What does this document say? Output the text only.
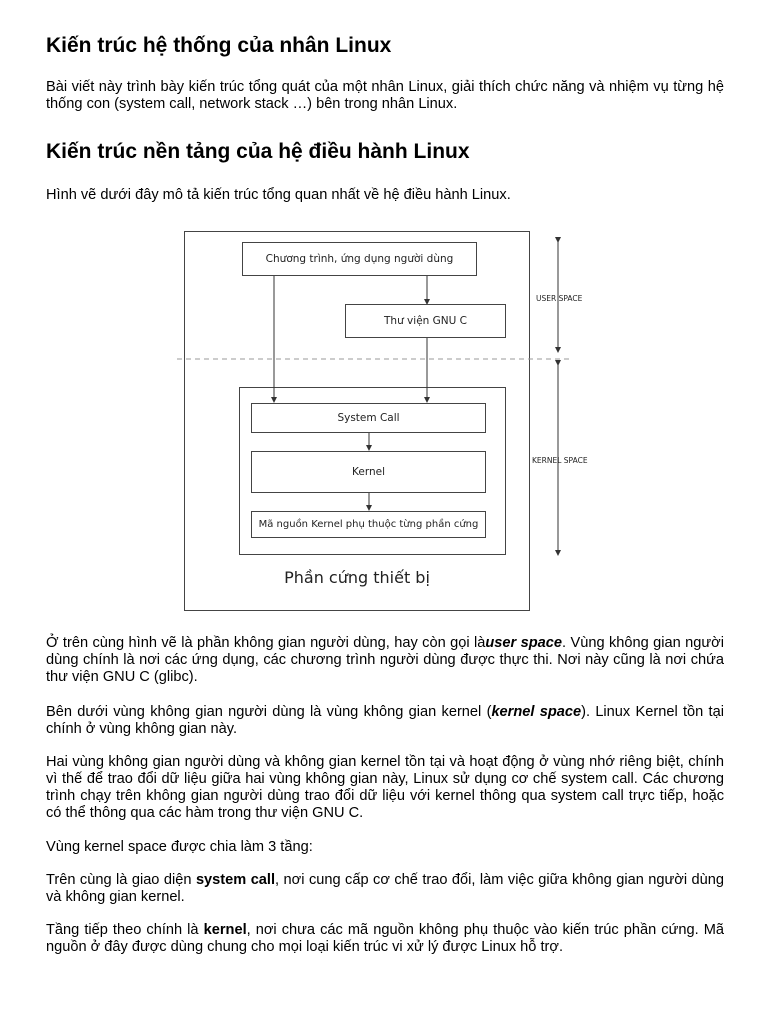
Kiến trúc hệ thống của nhân Linux

Bài viết này trình bày kiến trúc tổng quát của một nhân Linux, giải thích chức năng và nhiệm vụ từng hệ thống con (system call, network stack …) bên trong nhân Linux.

Kiến trúc nền tảng của hệ điều hành Linux

Hình vẽ dưới đây mô tả kiến trúc tổng quan nhất về hệ điều hành Linux.

Chương trình, ứng dụng người dùng
Thư viện GNU C
System Call
Kernel
Mã nguồn Kernel phụ thuộc từng phần cứng
Phần cứng thiết bị
USER SPACE
KERNEL SPACE

Ở trên cùng hình vẽ là phần không gian người dùng, hay còn gọi làuser space. Vùng không gian người dùng chính là nơi các ứng dụng, các chương trình người dùng được thực thi. Nơi này cũng là nơi chứa thư viện GNU C (glibc).

Bên dưới vùng không gian người dùng là vùng không gian kernel (kernel space). Linux Kernel tồn tại chính ở vùng không gian này.

Hai vùng không gian người dùng và không gian kernel tồn tại và hoạt động ở vùng nhớ riêng biệt, chính vì thế để trao đổi dữ liệu giữa hai vùng không gian này, Linux sử dụng cơ chế system call. Các chương trình chạy trên không gian người dùng trao đổi dữ liệu với kernel thông qua system call trực tiếp, hoặc có thể thông qua các hàm trong thư viện GNU C.

Vùng kernel space được chia làm 3 tầng:

Trên cùng là giao diện system call, nơi cung cấp cơ chế trao đổi, làm việc giữa không gian người dùng và không gian kernel.

Tầng tiếp theo chính là kernel, nơi chưa các mã nguồn không phụ thuộc vào kiến trúc phần cứng. Mã nguồn ở đây được dùng chung cho mọi loại kiến trúc vi xử lý được Linux hỗ trợ.
